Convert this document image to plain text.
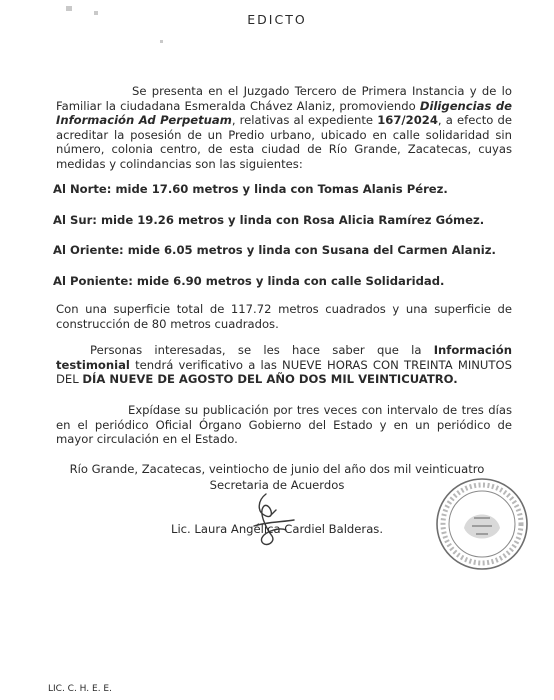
EDICTO

Se presenta en el Juzgado Tercero de Primera Instancia y de lo Familiar la ciudadana Esmeralda Chávez Alaniz, promoviendo Diligencias de Información Ad Perpetuam, relativas al expediente 167/2024, a efecto de acreditar la posesión de un Predio urbano, ubicado en calle solidaridad sin número, colonia centro, de esta ciudad de Río Grande, Zacatecas, cuyas medidas y colindancias son las siguientes:

Al Norte: mide 17.60 metros y linda con Tomas Alanis Pérez.

Al Sur: mide 19.26 metros y linda con Rosa Alicia Ramírez Gómez.

Al Oriente: mide 6.05 metros y linda con Susana del Carmen Alaniz.

Al Poniente: mide 6.90 metros y linda con calle Solidaridad.

Con una superficie total de 117.72 metros cuadrados y una superficie de construcción de 80 metros cuadrados.

Personas interesadas, se les hace saber que la Información testimonial tendrá verificativo a las NUEVE HORAS CON TREINTA MINUTOS DEL DÍA NUEVE DE AGOSTO DEL AÑO DOS MIL VEINTICUATRO.

Expídase su publicación por tres veces con intervalo de tres días en el periódico Oficial Órgano Gobierno del Estado y en un periódico de mayor circulación en el Estado.

Río Grande, Zacatecas, veintiocho de junio del año dos mil veinticuatro

Secretaria de Acuerdos

Lic. Laura Angélica Cardiel Balderas.

LIC. C. H. E. E.
